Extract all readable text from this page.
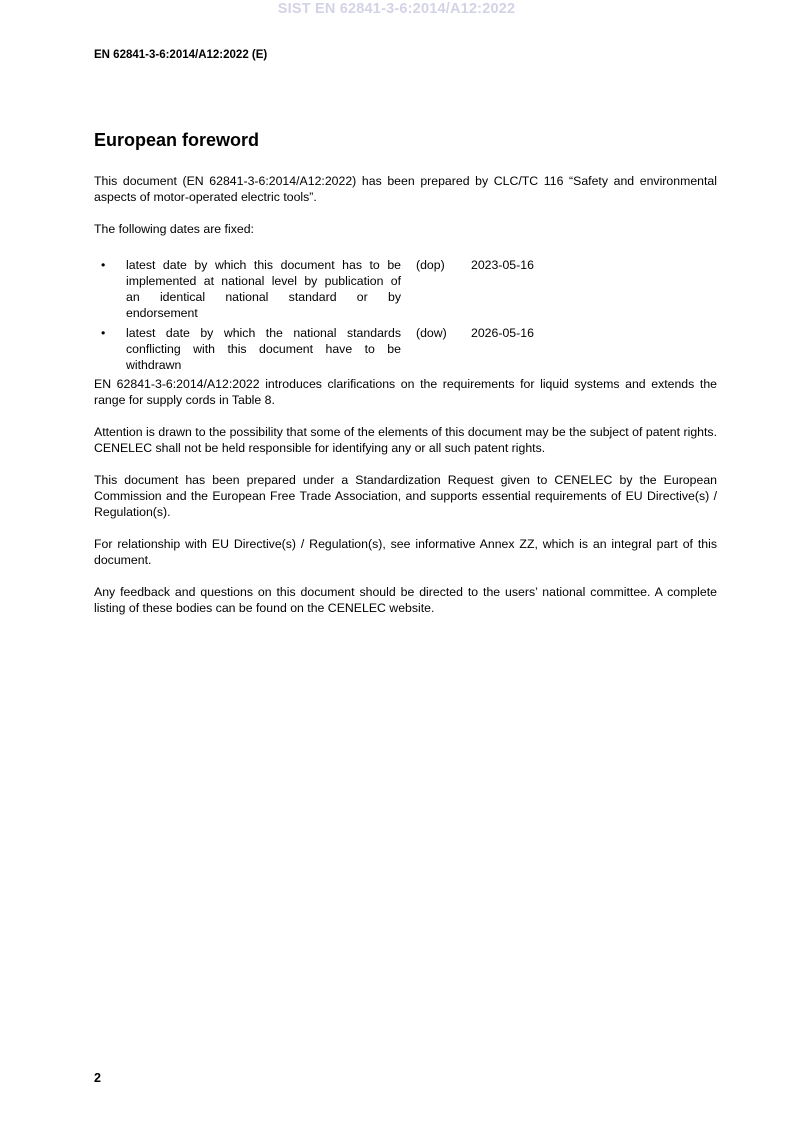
SIST EN 62841-3-6:2014/A12:2022
EN 62841-3-6:2014/A12:2022 (E)
European foreword
This document (EN 62841-3-6:2014/A12:2022) has been prepared by CLC/TC 116 “Safety and environmental aspects of motor-operated electric tools”.
The following dates are fixed:
• latest date by which this document has to be
implemented at national level by publication of
an identical national standard or by
endorsement
(dop) 2023-05-16
• latest date by which the national standards
conflicting with this document have to be
withdrawn
(dow) 2026-05-16
EN 62841-3-6:2014/A12:2022 introduces clarifications on the requirements for liquid systems and extends the range for supply cords in Table 8.
Attention is drawn to the possibility that some of the elements of this document may be the subject of patent rights. CENELEC shall not be held responsible for identifying any or all such patent rights.
This document has been prepared under a Standardization Request given to CENELEC by the European Commission and the European Free Trade Association, and supports essential requirements of EU Directive(s) / Regulation(s).
For relationship with EU Directive(s) / Regulation(s), see informative Annex ZZ, which is an integral part of this document.
Any feedback and questions on this document should be directed to the users’ national committee. A complete listing of these bodies can be found on the CENELEC website.
2
